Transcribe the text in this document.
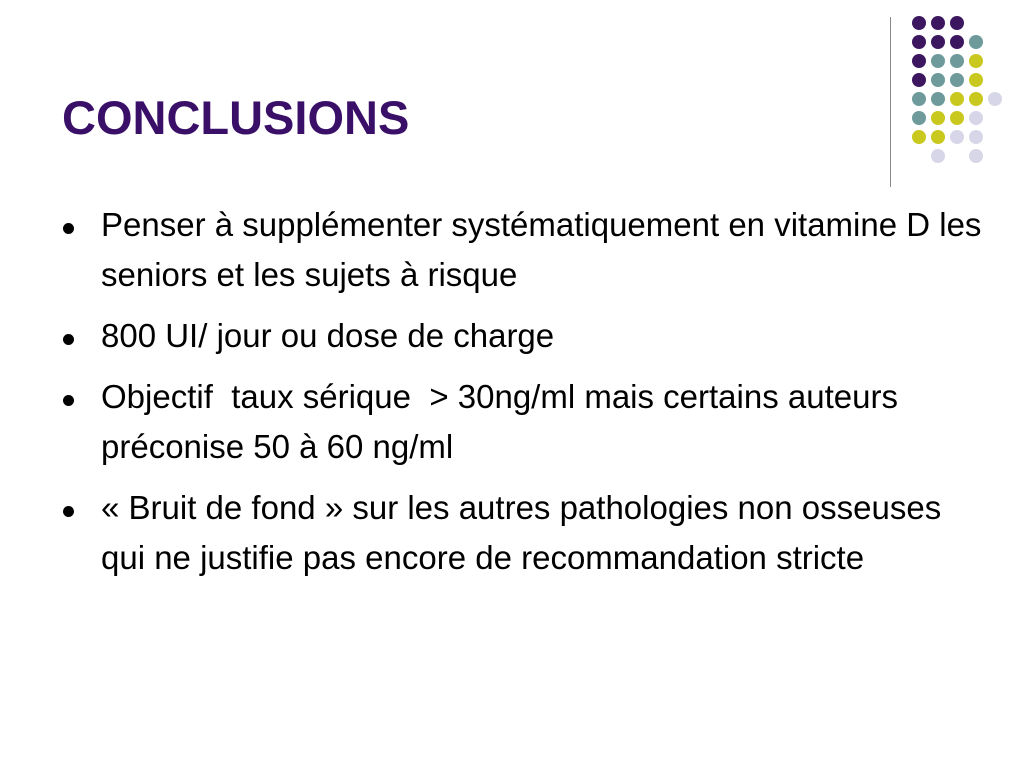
CONCLUSIONS
Penser à supplémenter systématiquement en vitamine D les seniors et les sujets à risque
800 UI/ jour ou dose de charge
Objectif  taux sérique  > 30ng/ml mais certains auteurs préconise 50 à 60 ng/ml
« Bruit de fond » sur les autres pathologies non osseuses qui ne justifie pas encore de recommandation stricte
